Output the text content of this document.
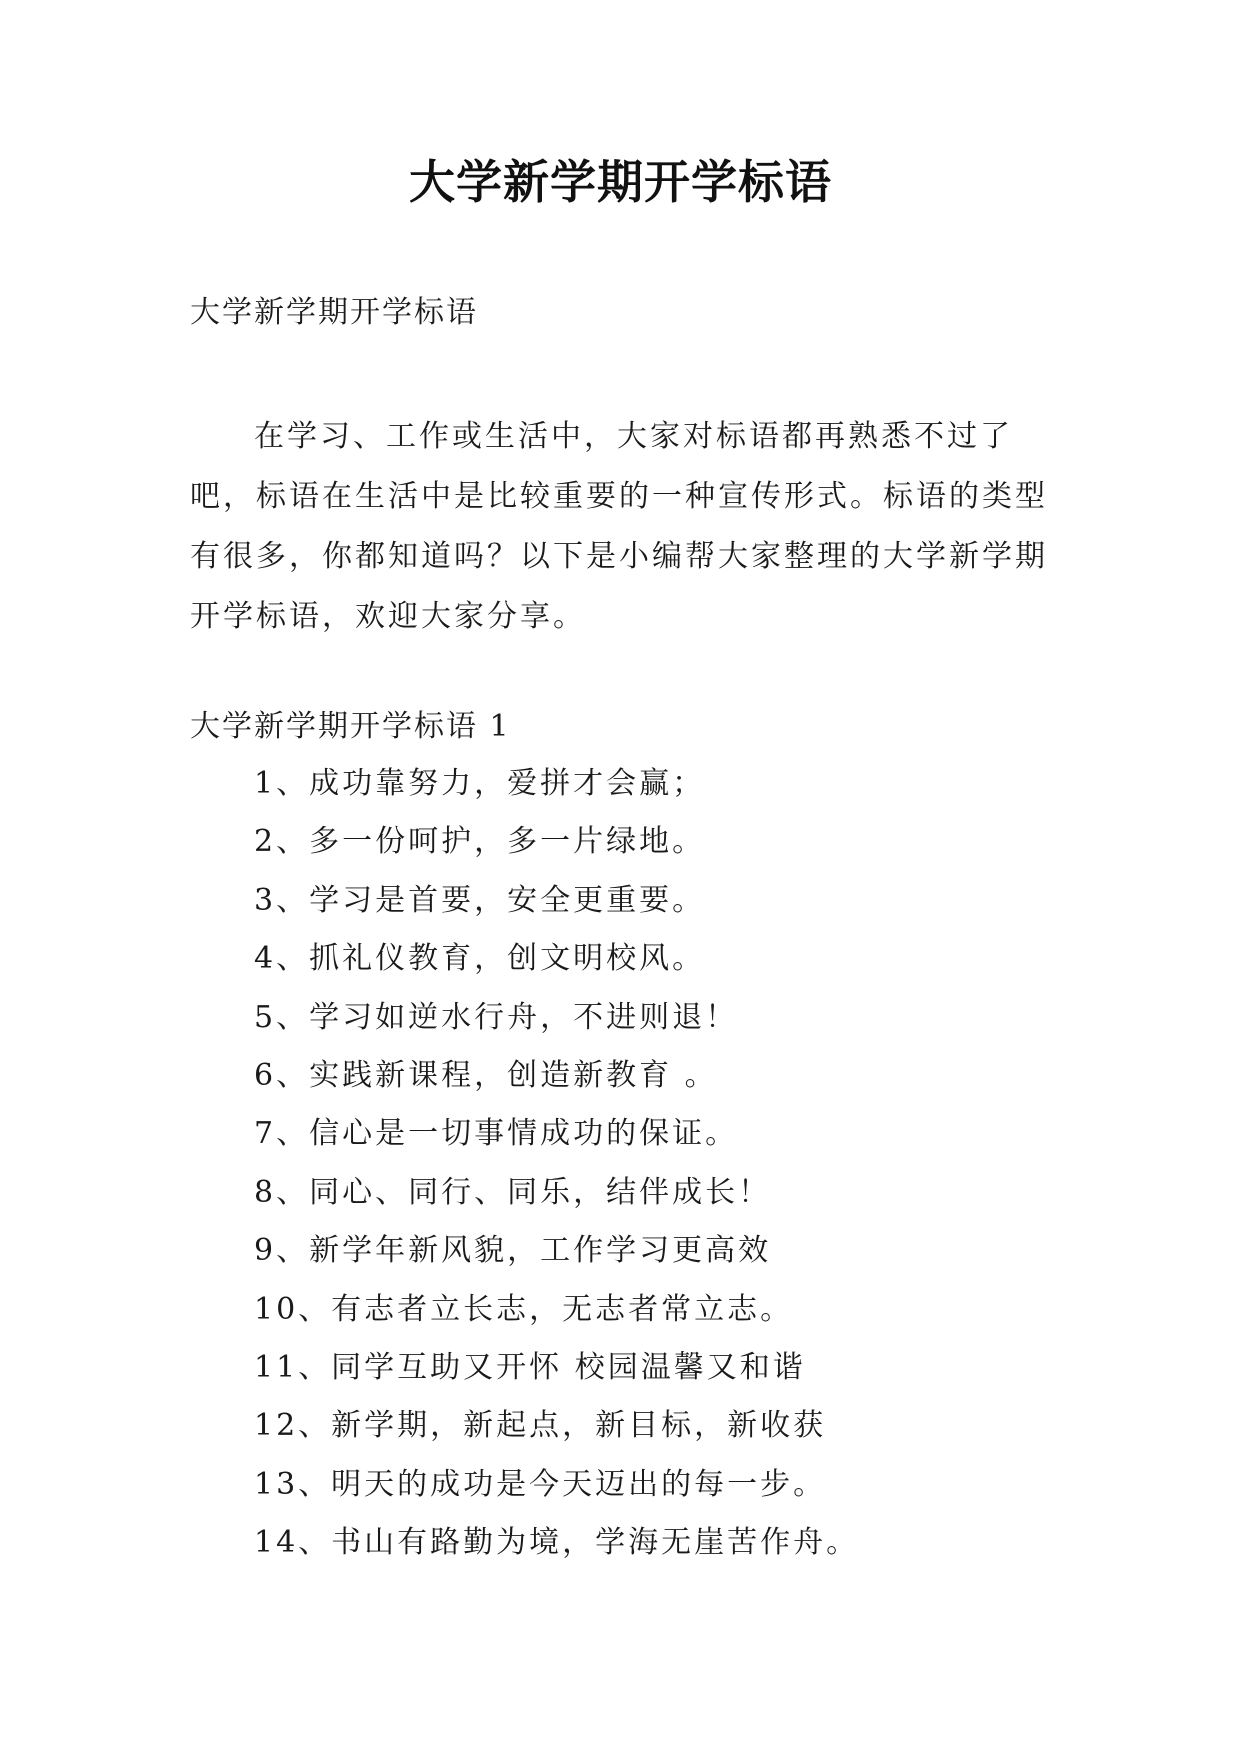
大学新学期开学标语
大学新学期开学标语

在学习、工作或生活中，大家对标语都再熟悉不过了吧，标语在生活中是比较重要的一种宣传形式。标语的类型有很多，你都知道吗？以下是小编帮大家整理的大学新学期开学标语，欢迎大家分享。

大学新学期开学标语 1
1、成功靠努力，爱拼才会赢；
2、多一份呵护，多一片绿地。
3、学习是首要，安全更重要。
4、抓礼仪教育，创文明校风。
5、学习如逆水行舟，不进则退！
6、实践新课程，创造新教育 。
7、信心是一切事情成功的保证。
8、同心、同行、同乐，结伴成长！
9、新学年新风貌，工作学习更高效
10、有志者立长志，无志者常立志。
11、同学互助又开怀 校园温馨又和谐
12、新学期，新起点，新目标，新收获
13、明天的成功是今天迈出的每一步。
14、书山有路勤为境，学海无崖苦作舟。
